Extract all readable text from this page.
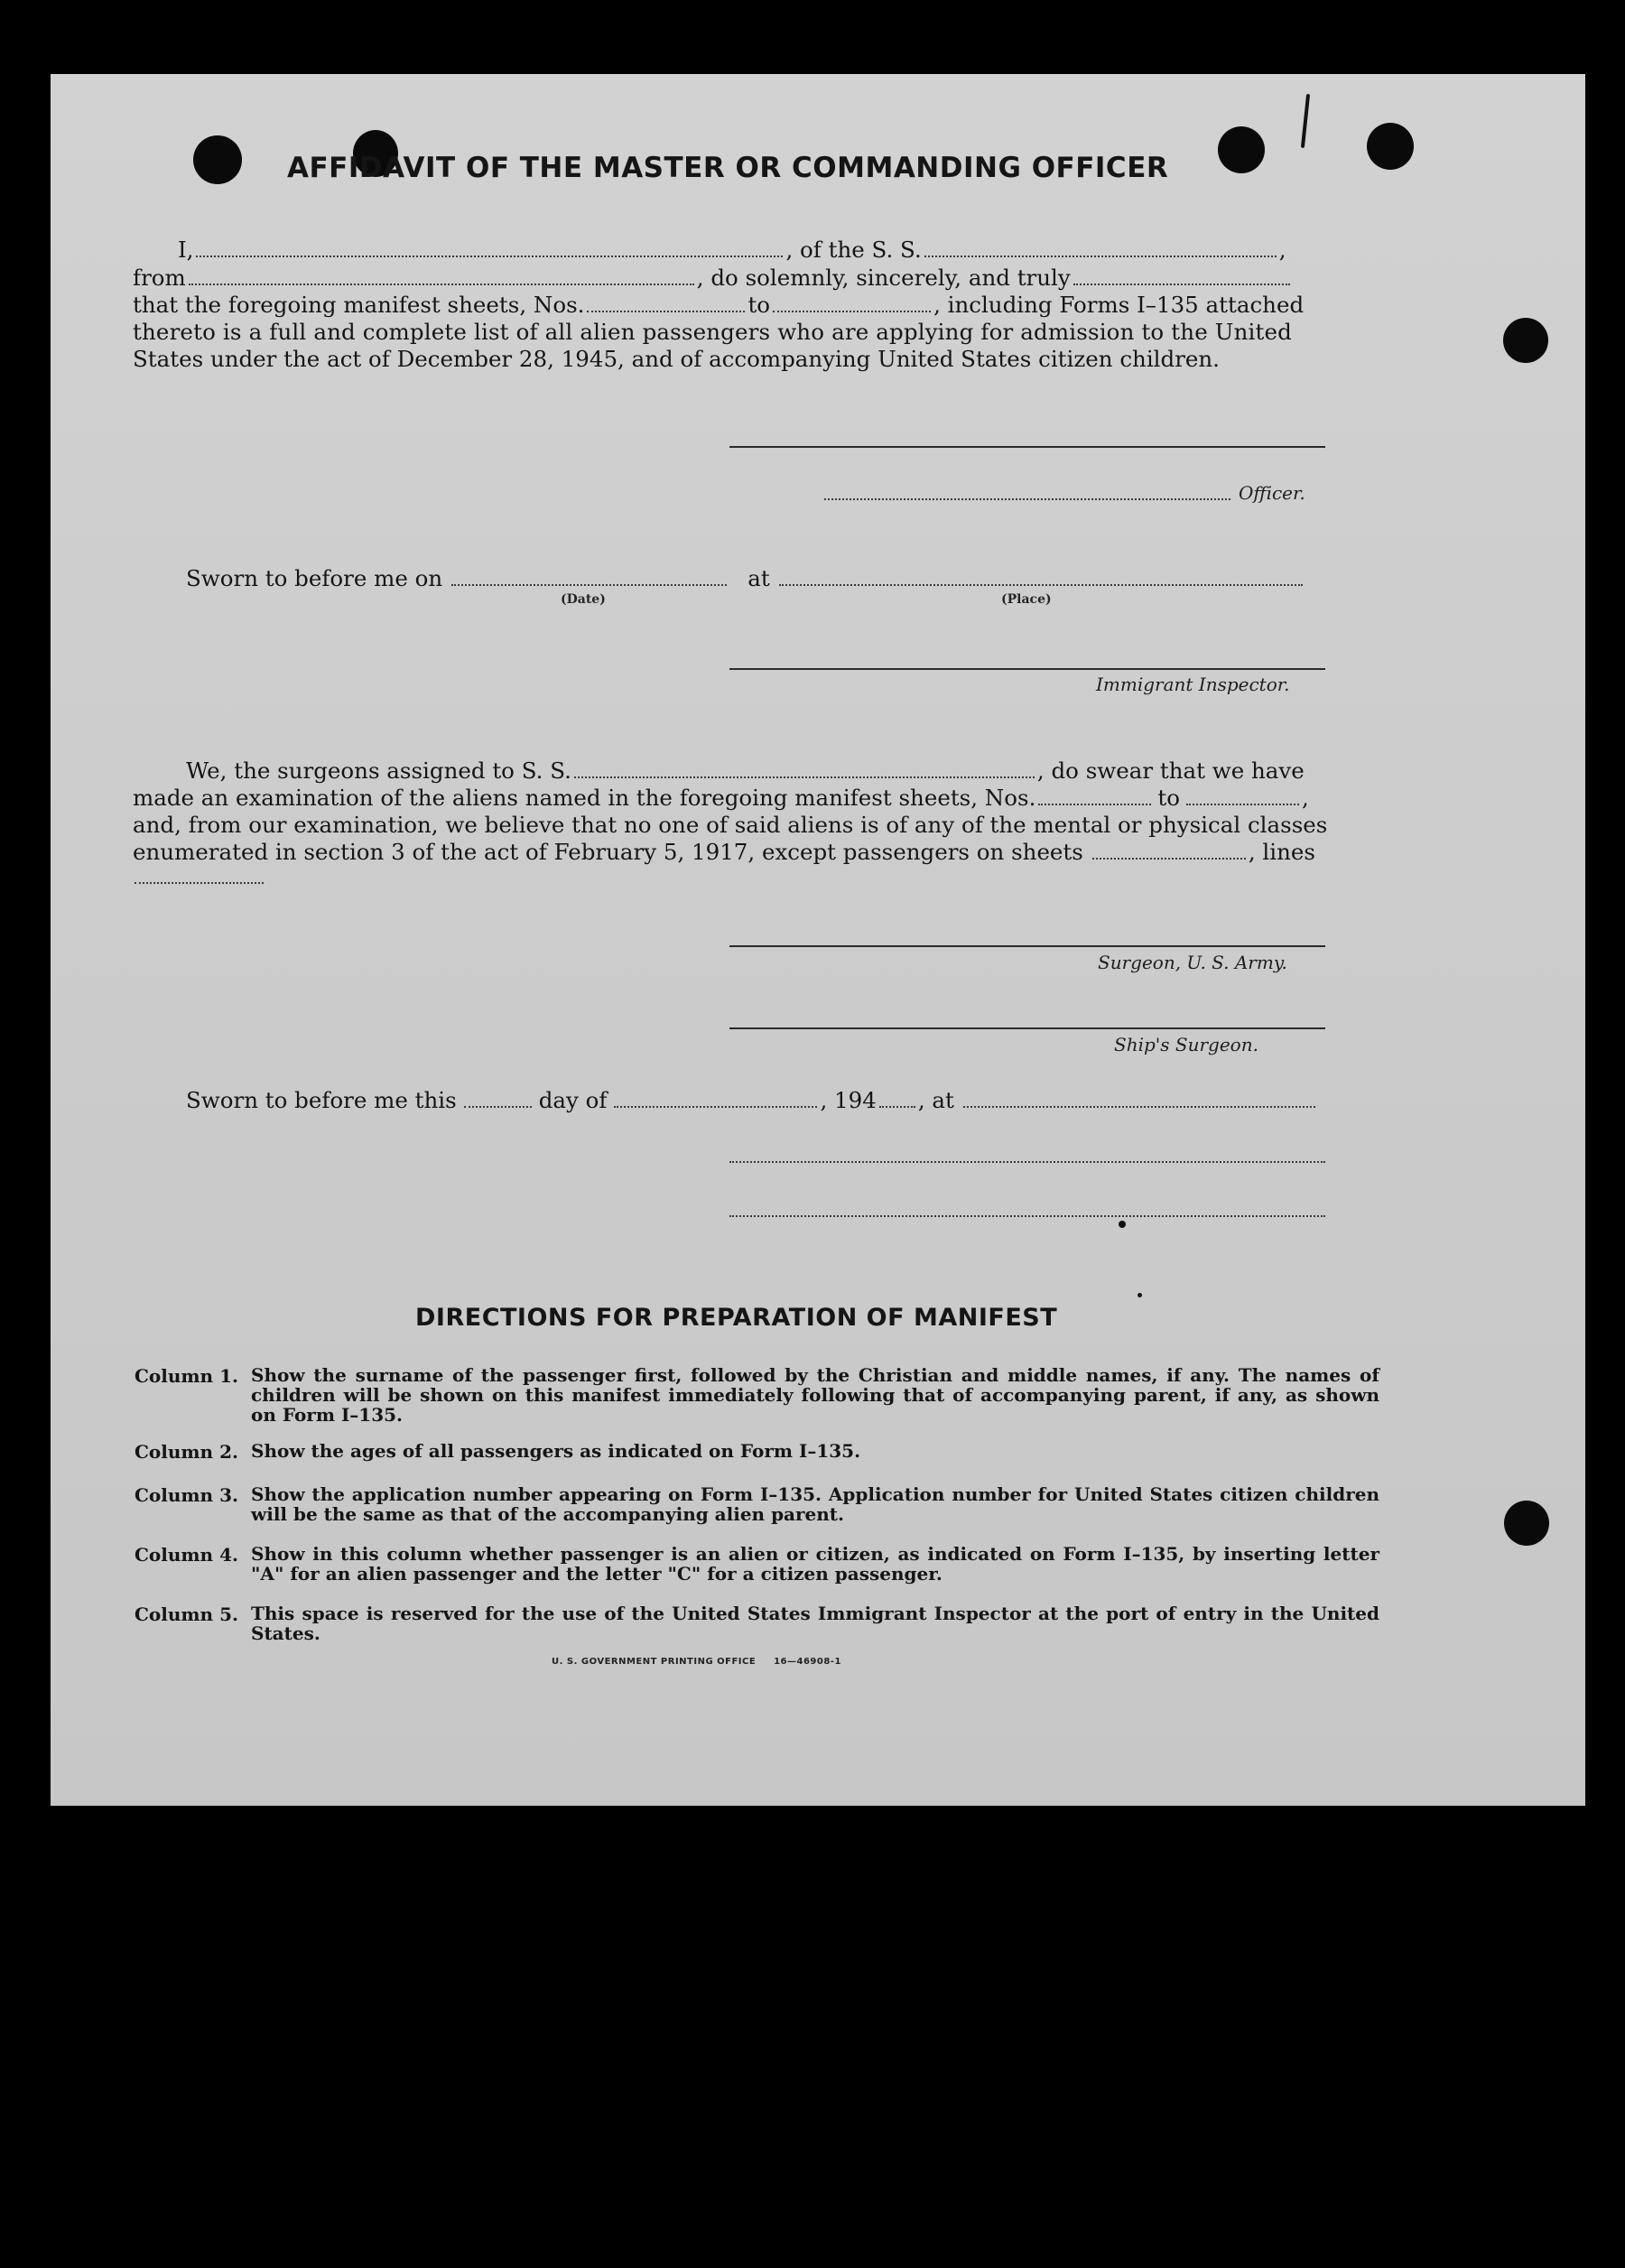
AFFIDAVIT OF THE MASTER OR COMMANDING OFFICER
I,	, of the S. S.	,
from	, do solemnly, sincerely, and truly
that the foregoing manifest sheets, Nos.	to	, including Forms I–135 attached
thereto is a full and complete list of all alien passengers who are applying for admission to the United
States under the act of December 28, 1945, and of accompanying United States citizen children.
Officer.
Sworn to before me on	at
(Date)	(Place)
Immigrant Inspector.
We, the surgeons assigned to S. S.	, do swear that we have
made an examination of the aliens named in the foregoing manifest sheets, Nos.	to	,
and, from our examination, we believe that no one of said aliens is of any of the mental or physical classes
enumerated in section 3 of the act of February 5, 1917, except passengers on sheets	, lines
Surgeon, U. S. Army.
Ship's Surgeon.
Sworn to before me this	day of	, 194 , at
DIRECTIONS FOR PREPARATION OF MANIFEST
Column 1. Show the surname of the passenger first, followed by the Christian and middle names, if any. The names of children will be shown on this manifest immediately following that of accompanying parent, if any, as shown on Form I–135.
Column 2. Show the ages of all passengers as indicated on Form I–135.
Column 3. Show the application number appearing on Form I–135. Application number for United States citizen children will be the same as that of the accompanying alien parent.
Column 4. Show in this column whether passenger is an alien or citizen, as indicated on Form I–135, by inserting letter "A" for an alien passenger and the letter "C" for a citizen passenger.
Column 5. This space is reserved for the use of the United States Immigrant Inspector at the port of entry in the United States.
U. S. GOVERNMENT PRINTING OFFICE     16—46908-1
